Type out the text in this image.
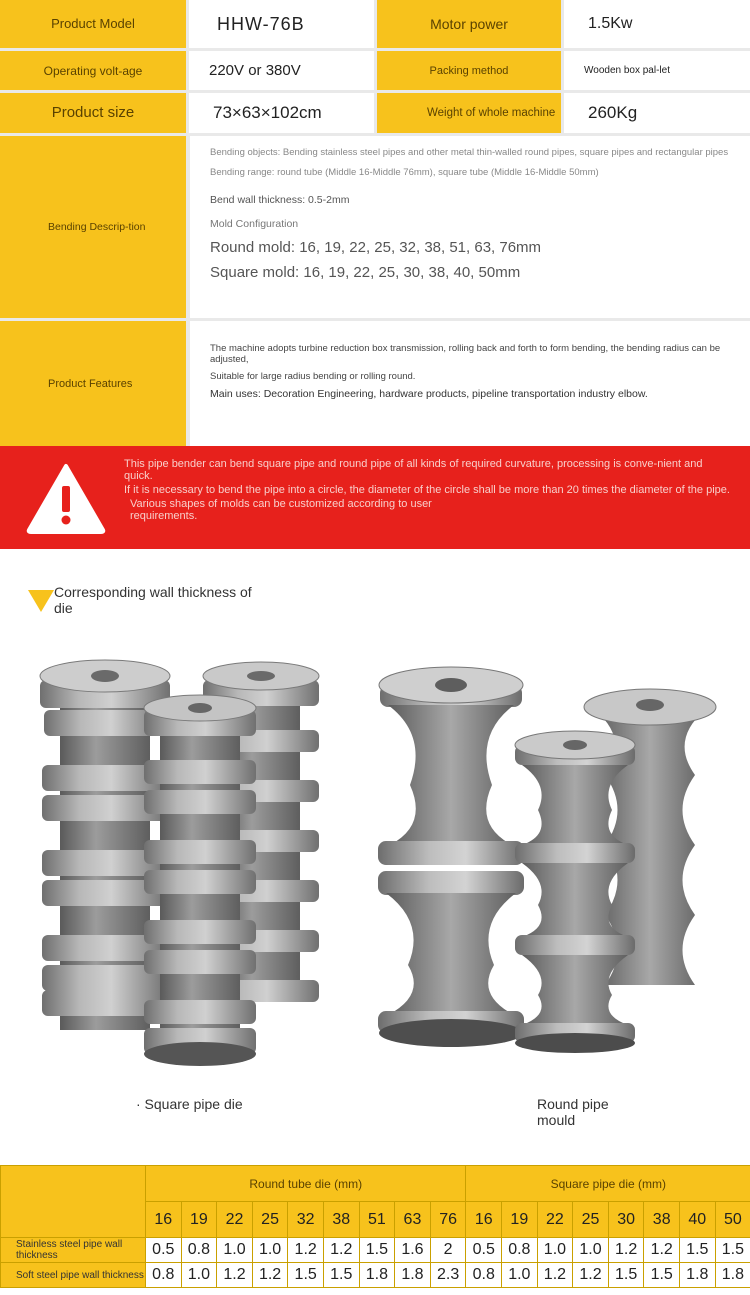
Product Model	HHW-76B	Motor power	1.5Kw
Operating volt-age	220V or 380V	Packing method	Wooden box pal-let
Product size	73×63×102cm	Weight of whole machine	260Kg
Bending Descrip-tion

Bending objects: Bending stainless steel pipes and other metal thin-walled round pipes, square pipes and rectangular pipes

Bending range: round tube (Middle 16-Middle 76mm), square tube (Middle 16-Middle 50mm)

Bend wall thickness: 0.5-2mm

Mold Configuration

Round mold: 16, 19, 22, 25, 32, 38, 51, 63, 76mm

Square mold: 16, 19, 22, 25, 30, 38, 40, 50mm

Product Features

The machine adopts turbine reduction box transmission, rolling back and forth to form bending, the bending radius can be adjusted,

Suitable for large radius bending or rolling round.

Main uses: Decoration Engineering, hardware products, pipeline transportation industry elbow.

This pipe bender can bend square pipe and round pipe of all kinds of required curvature, processing is conve-nient and quick.

If it is necessary to bend the pipe into a circle, the diameter of the circle shall be more than 20 times the diameter of the pipe.

Various shapes of molds can be customized according to user requirements.

Corresponding wall thickness of die
· Square pipe die	Round pipe mould
	Round tube die (mm)									Square pipe die (mm)							
	16	19	22	25	32	38	51	63	76	16	19	22	25	30	38	40	50
Stainless steel pipe wall thickness	0.5	0.8	1.0	1.0	1.2	1.2	1.5	1.6	2	0.5	0.8	1.0	1.0	1.2	1.2	1.5	1.5
Soft steel pipe wall thickness	0.8	1.0	1.2	1.2	1.5	1.5	1.8	1.8	2.3	0.8	1.0	1.2	1.2	1.5	1.5	1.8	1.8
